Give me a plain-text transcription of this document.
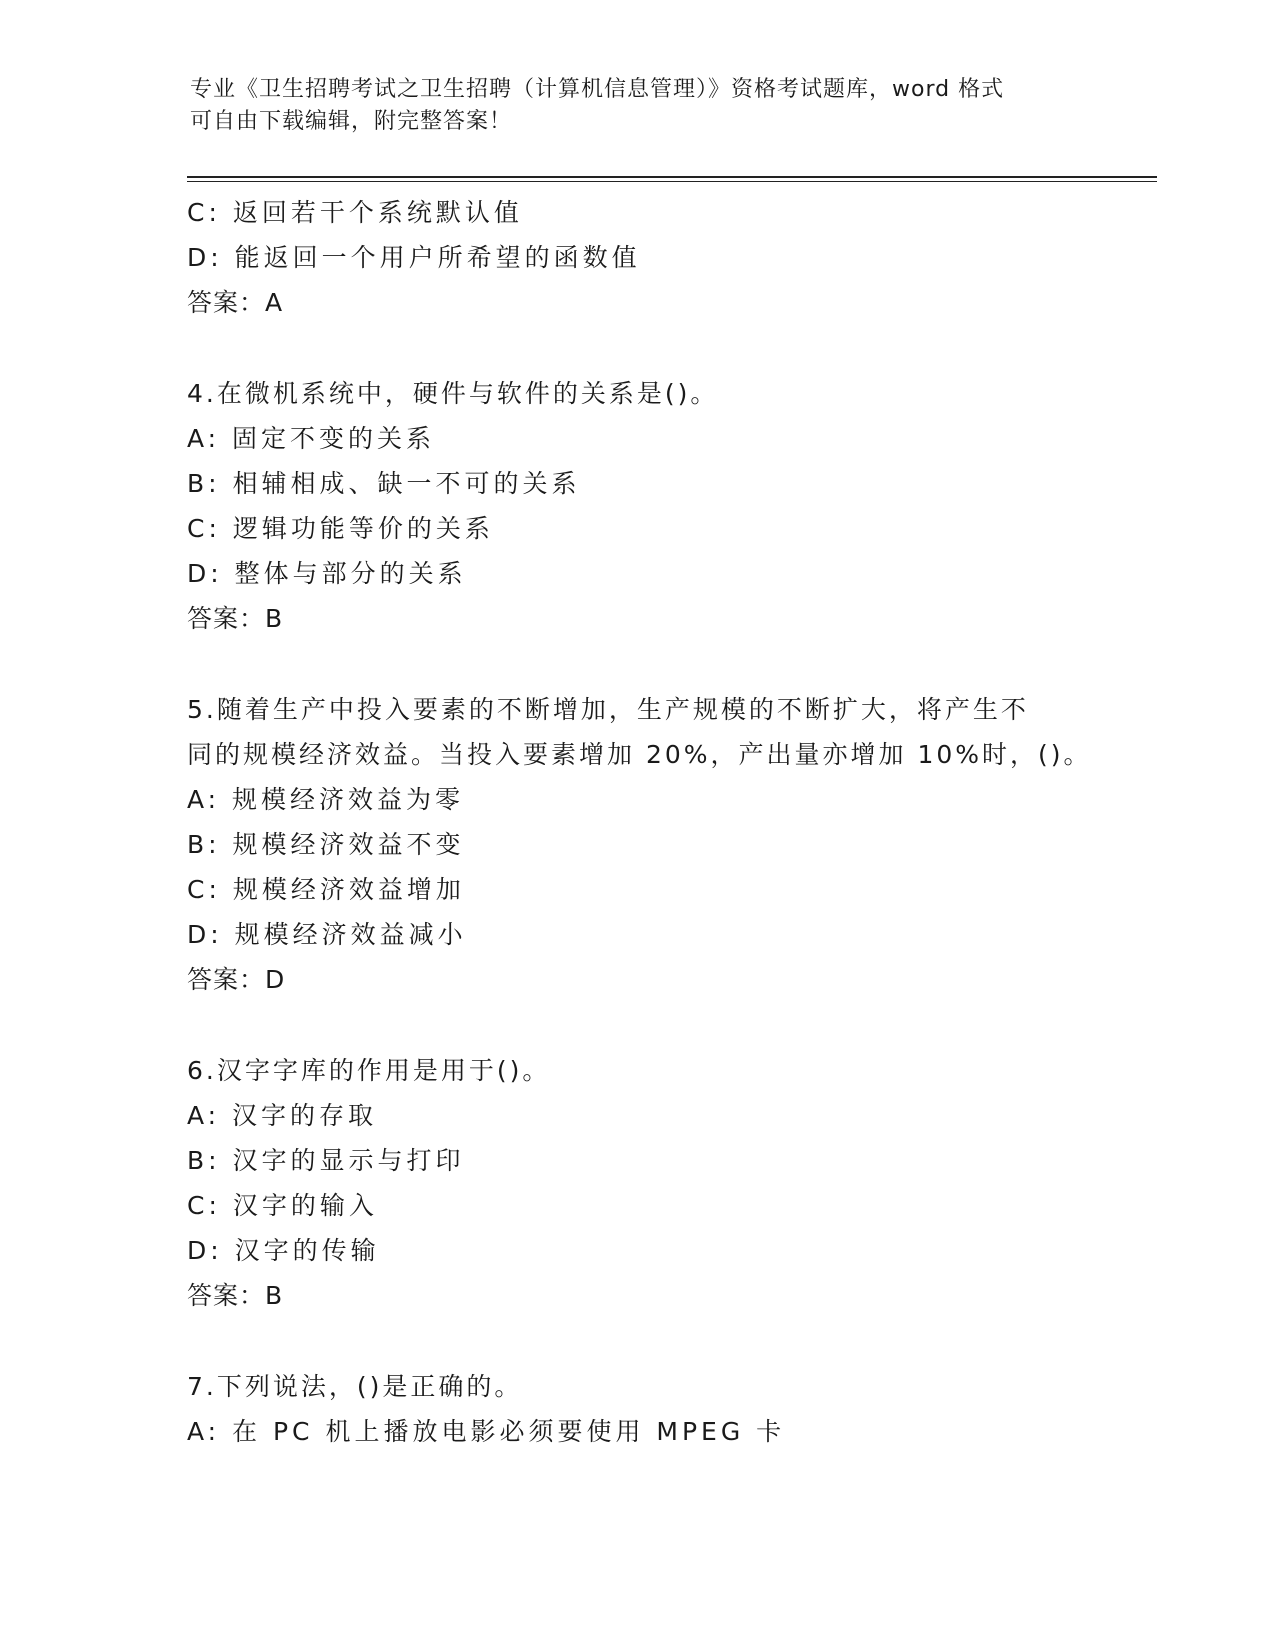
专业《卫生招聘考试之卫生招聘（计算机信息管理）》资格考试题库，word 格式
可自由下载编辑，附完整答案！
C: 返回若干个系统默认值
D: 能返回一个用户所希望的函数值
答案：A
4.在微机系统中，硬件与软件的关系是()。
A: 固定不变的关系
B: 相辅相成、缺一不可的关系
C: 逻辑功能等价的关系
D: 整体与部分的关系
答案：B
5.随着生产中投入要素的不断增加，生产规模的不断扩大，将产生不
同的规模经济效益。当投入要素增加 20%，产出量亦增加 10%时，()。
A: 规模经济效益为零
B: 规模经济效益不变
C: 规模经济效益增加
D: 规模经济效益减小
答案：D
6.汉字字库的作用是用于()。
A: 汉字的存取
B: 汉字的显示与打印
C: 汉字的输入
D: 汉字的传输
答案：B
7.下列说法，()是正确的。
A: 在 PC 机上播放电影必须要使用 MPEG 卡
